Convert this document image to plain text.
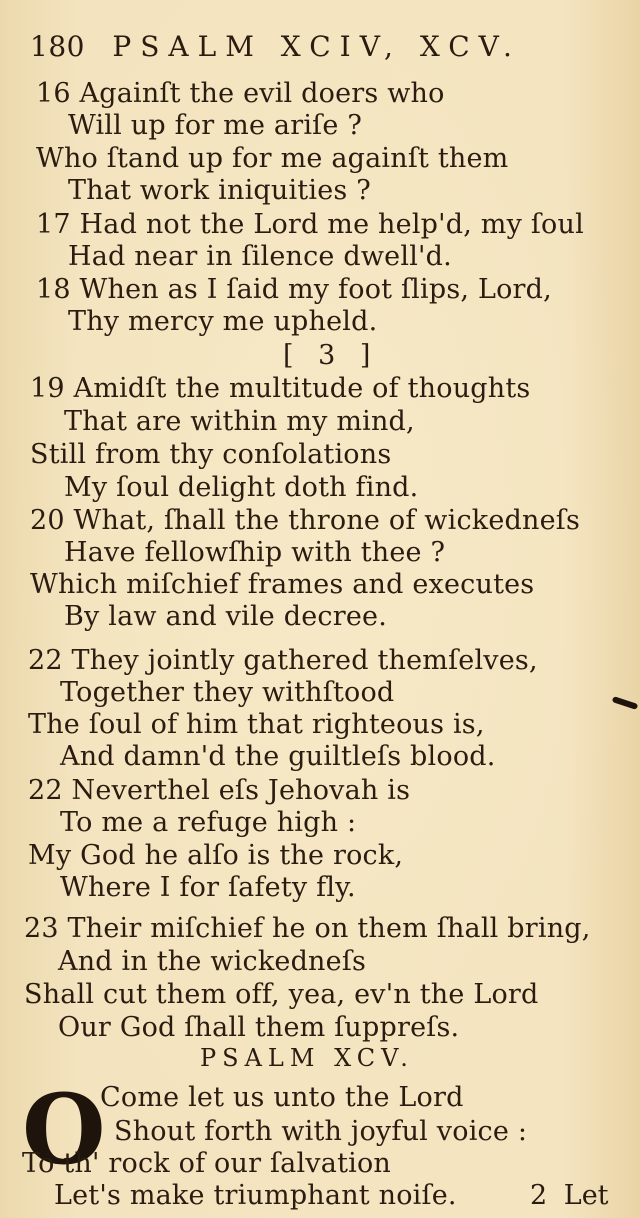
180 PSALM XCIV, XCV.
16 Againſt the evil doers who
Will up for me ariſe ?
Who ſtand up for me againſt them
That work iniquities ?
17 Had not the Lord me help'd, my ſoul
Had near in ſilence dwell'd.
18 When as I ſaid my foot ſlips, Lord,
Thy mercy me upheld.
[ 3 ]
19 Amidſt the multitude of thoughts
That are within my mind,
Still from thy conſolations
My ſoul delight doth find.
20 What, ſhall the throne of wickedneſs
Have fellowſhip with thee ?
Which miſchief frames and executes
By law and vile decree.
22 They jointly gathered themſelves,
Together they withſtood
The ſoul of him that righteous is,
And damn'd the guiltleſs blood.
22 Neverthel eſs Jehovah is
To me a refuge high :
My God he alſo is the rock,
Where I for ſafety fly.
23 Their miſchief he on them ſhall bring,
And in the wickedneſs
Shall cut them off, yea, ev'n the Lord
Our God ſhall them ſuppreſs.
PSALM XCV.
O
Come let us unto the Lord
Shout forth with joyful voice :
To th' rock of our ſalvation
Let's make triumphant noiſe.	2 Let
